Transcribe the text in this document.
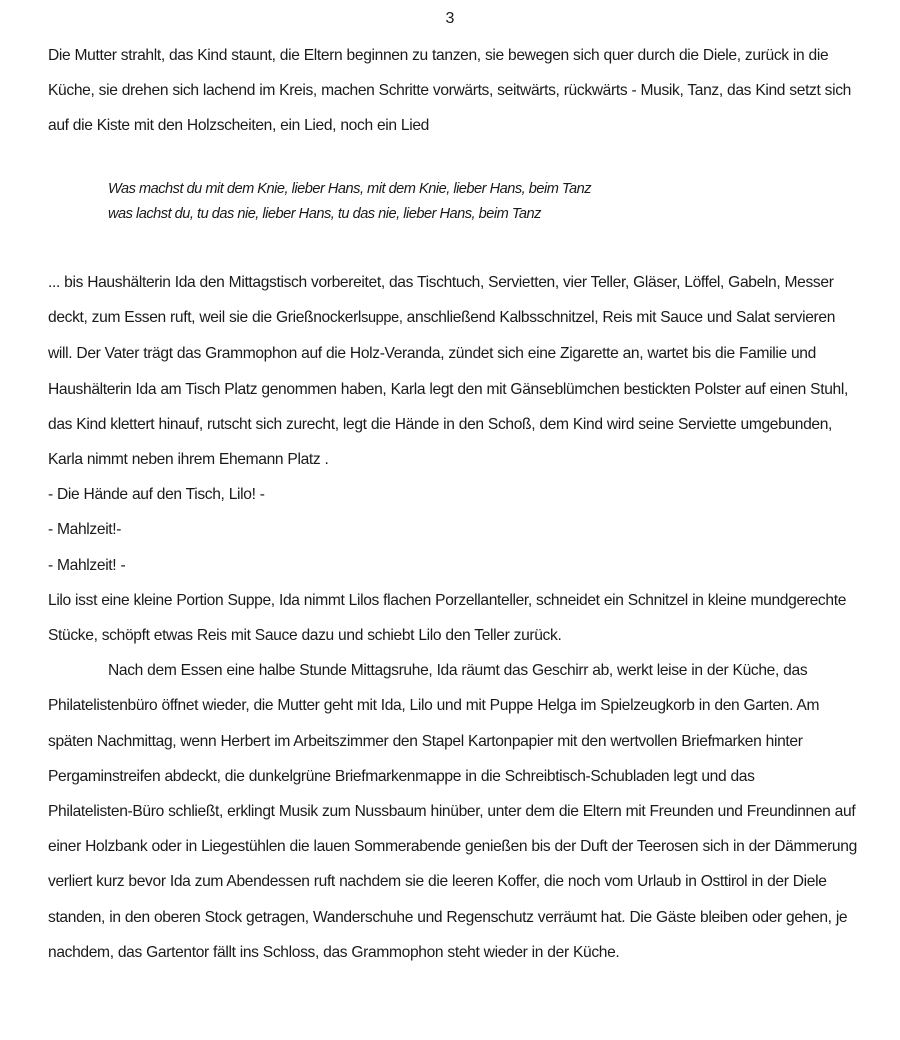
3

Die Mutter strahlt, das Kind staunt, die Eltern beginnen zu tanzen, sie bewegen sich quer durch die Diele, zurück in die Küche, sie drehen sich lachend im Kreis, machen Schritte vorwärts, seitwärts, rückwärts - Musik, Tanz, das Kind setzt sich auf die Kiste mit den Holzscheiten, ein Lied, noch ein Lied

Was machst du mit dem Knie, lieber Hans, mit dem Knie, lieber Hans, beim Tanz
was lachst du, tu das nie, lieber Hans, tu das nie, lieber Hans, beim Tanz

... bis Haushälterin Ida den Mittagstisch vorbereitet, das Tischtuch, Servietten, vier Teller, Gläser, Löffel, Gabeln, Messer deckt, zum Essen ruft, weil sie die Grießnockerlsuppe, anschließend Kalbsschnitzel, Reis mit Sauce und Salat servieren will. Der Vater trägt das Grammophon auf die Holz-Veranda, zündet sich eine Zigarette an, wartet bis die Familie und Haushälterin Ida am Tisch Platz genommen haben, Karla legt den mit Gänseblümchen bestickten Polster auf einen Stuhl, das Kind klettert hinauf, rutscht sich zurecht, legt die Hände in den Schoß, dem Kind wird seine Serviette umgebunden, Karla nimmt neben ihrem Ehemann Platz .

- Die Hände auf den Tisch, Lilo! -

- Mahlzeit!-

- Mahlzeit! -

Lilo isst eine kleine Portion Suppe, Ida nimmt Lilos flachen Porzellanteller, schneidet ein Schnitzel in kleine mundgerechte Stücke, schöpft etwas Reis mit Sauce dazu und schiebt Lilo den Teller zurück.

Nach dem Essen eine halbe Stunde Mittagsruhe, Ida räumt das Geschirr ab, werkt leise in der Küche, das Philatelistenbüro öffnet wieder, die Mutter geht mit Ida, Lilo und mit Puppe Helga im Spielzeugkorb in den Garten. Am späten Nachmittag, wenn Herbert im Arbeitszimmer den Stapel Kartonpapier mit den wertvollen Briefmarken hinter Pergaminstreifen abdeckt, die dunkelgrüne Briefmarkenmappe in die Schreibtisch-Schubladen legt und das

Philatelisten-Büro schließt, erklingt Musik zum Nussbaum hinüber, unter dem die Eltern mit Freunden und Freundinnen auf einer Holzbank oder in Liegestühlen die lauen Sommerabende genießen bis der Duft der Teerosen sich in der Dämmerung verliert kurz bevor Ida zum Abendessen ruft nachdem sie die leeren Koffer, die noch vom Urlaub in Osttirol in der Diele standen, in den oberen Stock getragen, Wanderschuhe und Regenschutz verräumt hat. Die Gäste bleiben oder gehen, je nachdem, das Gartentor fällt ins Schloss, das Grammophon steht wieder in der Küche.
